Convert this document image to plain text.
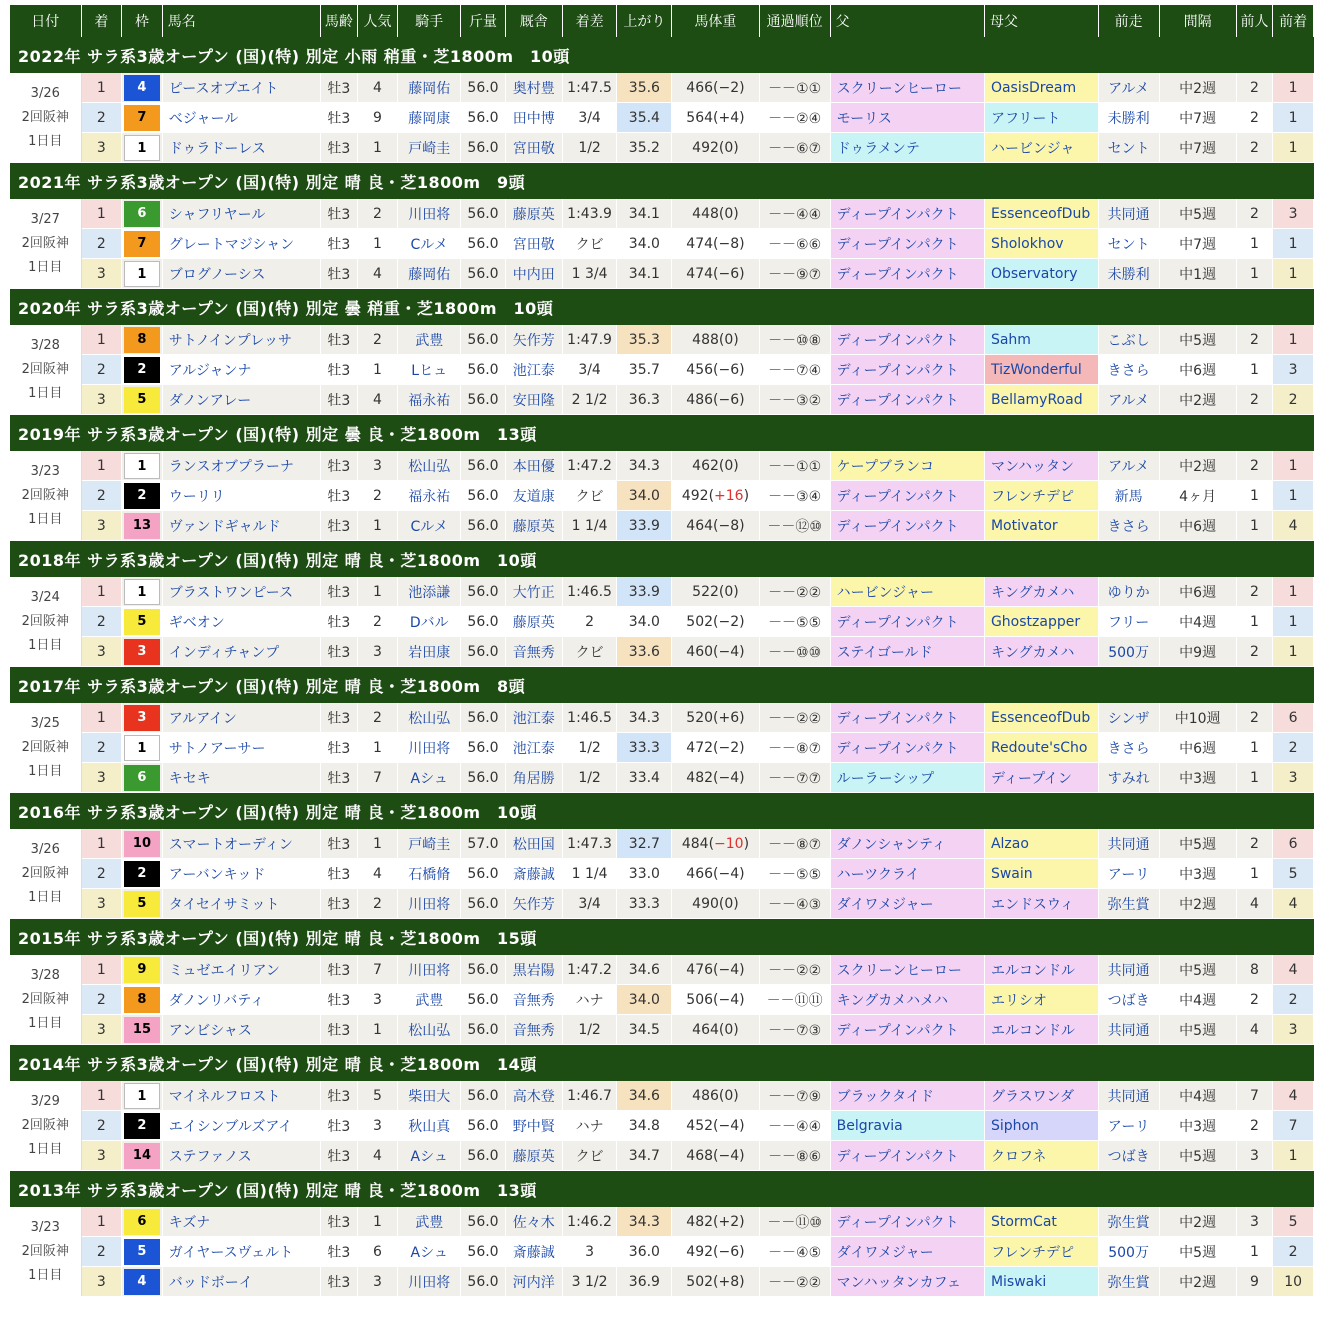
日付	着	枠	馬名	馬齢	人気	騎手	斤量	厩舎	着差	上がり	馬体重	通過順位	父	母父	前走	間隔	前人	前着
2022年 サラ系3歳オープン (国)(特) 別定 小雨 稍重・芝1800m　10頭																		

3/26
2回阪神
1日目	1	4	ピースオブエイト	牡3	4	藤岡佑	56.0	奥村豊	1:47.5	35.6	466(−2)	－－①①	スクリーンヒーロー	OasisDream	アルメ	中2週	2	1
	2	7	ベジャール	牡3	9	藤岡康	56.0	田中博	3/4	35.4	564(+4)	－－②④	モーリス	アフリート	未勝利	中7週	2	1
	3	1	ドゥラドーレス	牡3	1	戸崎圭	56.0	宮田敬	1/2	35.2	492(0)	－－⑥⑦	ドゥラメンテ	ハービンジャ	セント	中7週	2	1
2021年 サラ系3歳オープン (国)(特) 別定 晴 良・芝1800m　9頭																		

3/27
2回阪神
1日目	1	6	シャフリヤール	牡3	2	川田将	56.0	藤原英	1:43.9	34.1	448(0)	－－④④	ディープインパクト	EssenceofDub	共同通	中5週	2	3
	2	7	グレートマジシャン	牡3	1	Cルメ	56.0	宮田敬	クビ	34.0	474(−8)	－－⑥⑥	ディープインパクト	Sholokhov	セント	中7週	1	1
	3	1	ブログノーシス	牡3	4	藤岡佑	56.0	中内田	1 3/4	34.1	474(−6)	－－⑨⑦	ディープインパクト	Observatory	未勝利	中1週	1	1
2020年 サラ系3歳オープン (国)(特) 別定 曇 稍重・芝1800m　10頭																		

3/28
2回阪神
1日目	1	8	サトノインプレッサ	牡3	2	武豊	56.0	矢作芳	1:47.9	35.3	488(0)	－－⑩⑧	ディープインパクト	Sahm	こぶし	中5週	2	1
	2	2	アルジャンナ	牡3	1	Lヒュ	56.0	池江泰	3/4	35.7	456(−6)	－－⑦④	ディープインパクト	TizWonderful	きさら	中6週	1	3
	3	5	ダノンアレー	牡3	4	福永祐	56.0	安田隆	2 1/2	36.3	486(−6)	－－③②	ディープインパクト	BellamyRoad	アルメ	中2週	2	2
2019年 サラ系3歳オープン (国)(特) 別定 曇 良・芝1800m　13頭																		

3/23
2回阪神
1日目	1	1	ランスオブプラーナ	牡3	3	松山弘	56.0	本田優	1:47.2	34.3	462(0)	－－①①	ケープブランコ	マンハッタン	アルメ	中2週	2	1
	2	2	ウーリリ	牡3	2	福永祐	56.0	友道康	クビ	34.0	492(+16)	－－③④	ディープインパクト	フレンチデピ	新馬	4ヶ月	1	1
	3	13	ヴァンドギャルド	牡3	1	Cルメ	56.0	藤原英	1 1/4	33.9	464(−8)	－－⑫⑩	ディープインパクト	Motivator	きさら	中6週	1	4
2018年 サラ系3歳オープン (国)(特) 別定 晴 良・芝1800m　10頭																		

3/24
2回阪神
1日目	1	1	ブラストワンピース	牡3	1	池添謙	56.0	大竹正	1:46.5	33.9	522(0)	－－②②	ハービンジャー	キングカメハ	ゆりか	中6週	2	1
	2	5	ギベオン	牡3	2	Dバル	56.0	藤原英	2	34.0	502(−2)	－－⑤⑤	ディープインパクト	Ghostzapper	フリー	中4週	1	1
	3	3	インディチャンプ	牡3	3	岩田康	56.0	音無秀	クビ	33.6	460(−4)	－－⑩⑩	ステイゴールド	キングカメハ	500万	中9週	2	1
2017年 サラ系3歳オープン (国)(特) 別定 晴 良・芝1800m　8頭																		

3/25
2回阪神
1日目	1	3	アルアイン	牡3	2	松山弘	56.0	池江泰	1:46.5	34.3	520(+6)	－－②②	ディープインパクト	EssenceofDub	シンザ	中10週	2	6
	2	1	サトノアーサー	牡3	1	川田将	56.0	池江泰	1/2	33.3	472(−2)	－－⑧⑦	ディープインパクト	Redoute'sCho	きさら	中6週	1	2
	3	6	キセキ	牡3	7	Aシュ	56.0	角居勝	1/2	33.4	482(−4)	－－⑦⑦	ルーラーシップ	ディープイン	すみれ	中3週	1	3
2016年 サラ系3歳オープン (国)(特) 別定 晴 良・芝1800m　10頭																		

3/26
2回阪神
1日目	1	10	スマートオーディン	牡3	1	戸崎圭	57.0	松田国	1:47.3	32.7	484(−10)	－－⑧⑦	ダノンシャンティ	Alzao	共同通	中5週	2	6
	2	2	アーバンキッド	牡3	4	石橋脩	56.0	斎藤誠	1 1/4	33.0	466(−4)	－－⑤⑤	ハーツクライ	Swain	アーリ	中3週	1	5
	3	5	タイセイサミット	牡3	2	川田将	56.0	矢作芳	3/4	33.3	490(0)	－－④③	ダイワメジャー	エンドスウィ	弥生賞	中2週	4	4
2015年 サラ系3歳オープン (国)(特) 別定 晴 良・芝1800m　15頭																		

3/28
2回阪神
1日目	1	9	ミュゼエイリアン	牡3	7	川田将	56.0	黒岩陽	1:47.2	34.6	476(−4)	－－②②	スクリーンヒーロー	エルコンドル	共同通	中5週	8	4
	2	8	ダノンリバティ	牡3	3	武豊	56.0	音無秀	ハナ	34.0	506(−4)	－－⑪⑪	キングカメハメハ	エリシオ	つばき	中4週	2	2
	3	15	アンビシャス	牡3	1	松山弘	56.0	音無秀	1/2	34.5	464(0)	－－⑦③	ディープインパクト	エルコンドル	共同通	中5週	4	3
2014年 サラ系3歳オープン (国)(特) 別定 晴 良・芝1800m　14頭																		

3/29
2回阪神
1日目	1	1	マイネルフロスト	牡3	5	柴田大	56.0	高木登	1:46.7	34.6	486(0)	－－⑦⑨	ブラックタイド	グラスワンダ	共同通	中4週	7	4
	2	2	エイシンブルズアイ	牡3	3	秋山真	56.0	野中賢	ハナ	34.8	452(−4)	－－④④	Belgravia	Siphon	アーリ	中3週	2	7
	3	14	ステファノス	牡3	4	Aシュ	56.0	藤原英	クビ	34.7	468(−4)	－－⑧⑥	ディープインパクト	クロフネ	つばき	中5週	3	1
2013年 サラ系3歳オープン (国)(特) 別定 晴 良・芝1800m　13頭																		

3/23
2回阪神
1日目	1	6	キズナ	牡3	1	武豊	56.0	佐々木	1:46.2	34.3	482(+2)	－－⑪⑩	ディープインパクト	StormCat	弥生賞	中2週	3	5
	2	5	ガイヤースヴェルト	牡3	6	Aシュ	56.0	斎藤誠	3	36.0	492(−6)	－－④⑤	ダイワメジャー	フレンチデピ	500万	中5週	1	2
	3	4	バッドボーイ	牡3	3	川田将	56.0	河内洋	3 1/2	36.9	502(+8)	－－②②	マンハッタンカフェ	Miswaki	弥生賞	中2週	9	10
